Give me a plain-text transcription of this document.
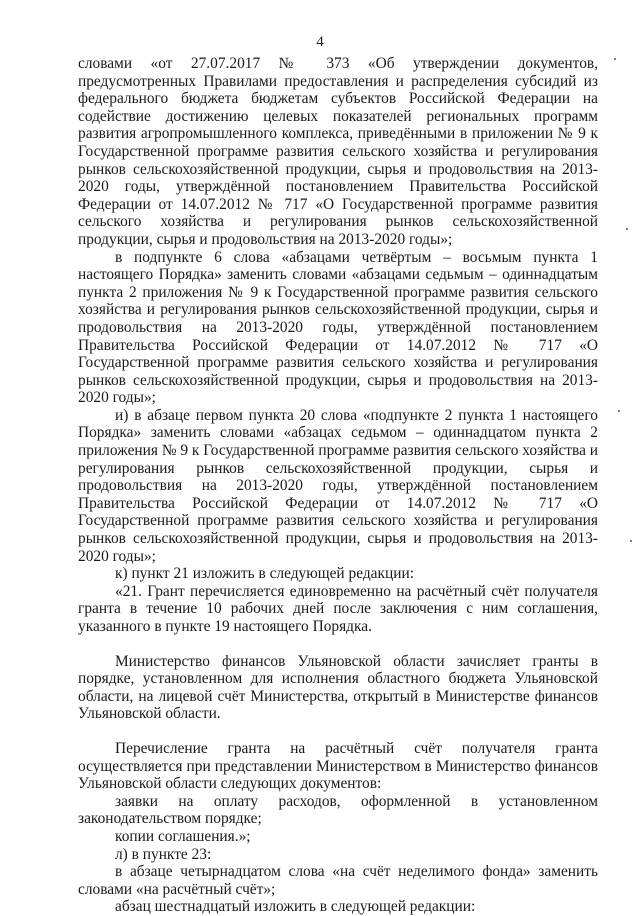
4

словами «от 27.07.2017 № 373 «Об утверждении документов, предусмотренных Правилами предоставления и распределения субсидий из федерального бюджета бюджетам субъектов Российской Федерации на содействие достижению целевых показателей региональных программ развития агропромышленного комплекса, приведёнными в приложении № 9 к Государственной программе развития сельского хозяйства и регулирования рынков сельскохозяйственной продукции, сырья и продовольствия на 2013-2020 годы, утверждённой постановлением Правительства Российской Федерации от 14.07.2012 № 717 «О Государственной программе развития сельского хозяйства и регулирования рынков сельскохозяйственной продукции, сырья и продовольствия на 2013-2020 годы»;

в подпункте 6 слова «абзацами четвёртым – восьмым пункта 1 настоящего Порядка» заменить словами «абзацами седьмым – одиннадцатым пункта 2 приложения № 9 к Государственной программе развития сельского хозяйства и регулирования рынков сельскохозяйственной продукции, сырья и продовольствия на 2013-2020 годы, утверждённой постановлением Правительства Российской Федерации от 14.07.2012 № 717 «О Государственной программе развития сельского хозяйства и регулирования рынков сельскохозяйственной продукции, сырья и продовольствия на 2013-2020 годы»;

и) в абзаце первом пункта 20 слова «подпункте 2 пункта 1 настоящего Порядка» заменить словами «абзацах седьмом – одиннадцатом пункта 2 приложения № 9 к Государственной программе развития сельского хозяйства и регулирования рынков сельскохозяйственной продукции, сырья и продовольствия на 2013-2020 годы, утверждённой постановлением Правительства Российской Федерации от 14.07.2012 № 717 «О Государственной программе развития сельского хозяйства и регулирования рынков сельскохозяйственной продукции, сырья и продовольствия на 2013-2020 годы»;

к) пункт 21 изложить в следующей редакции:

«21. Грант перечисляется единовременно на расчётный счёт получателя гранта в течение 10 рабочих дней после заключения с ним соглашения, указанного в пункте 19 настоящего Порядка.

Министерство финансов Ульяновской области зачисляет гранты в порядке, установленном для исполнения областного бюджета Ульяновской области, на лицевой счёт Министерства, открытый в Министерстве финансов Ульяновской области.

Перечисление гранта на расчётный счёт получателя гранта осуществляется при представлении Министерством в Министерство финансов Ульяновской области следующих документов:

заявки на оплату расходов, оформленной в установленном законодательством порядке;

копии соглашения.»;

л) в пункте 23:

в абзаце четырнадцатом слова «на счёт неделимого фонда» заменить словами «на расчётный счёт»;

абзац шестнадцатый изложить в следующей редакции:
